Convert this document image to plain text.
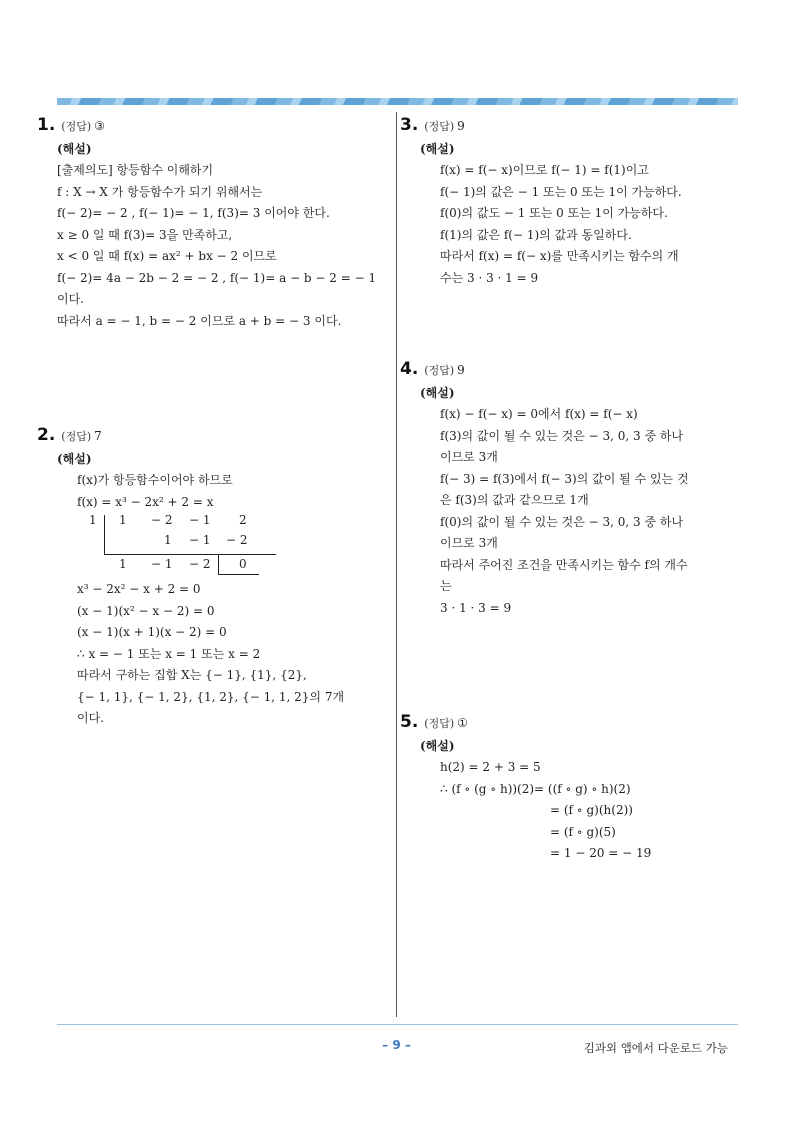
1. (정답) ③
(해설)
[출제의도] 항등함수 이해하기
f : X → X 가 항등함수가 되기 위해서는
f(− 2)= − 2 , f(− 1)= − 1, f(3)= 3 이어야 한다.
x ≥ 0 일 때 f(3)= 3을 만족하고,
x < 0 일 때 f(x) = ax² + bx − 2 이므로
f(− 2)= 4a − 2b − 2 = − 2 , f(− 1)= a − b − 2 = − 1
이다.
따라서 a = − 1, b = − 2 이므로 a + b = − 3 이다.
2. (정답) 7
(해설)
f(x)가 항등함수이어야 하므로
f(x) = x³ − 2x² + 2 = x
1 1 − 2 − 1 2
1 − 1 − 2
1 − 1 − 2 0
x³ − 2x² − x + 2 = 0
(x − 1)(x² − x − 2) = 0
(x − 1)(x + 1)(x − 2) = 0
∴ x = − 1 또는 x = 1 또는 x = 2
따라서 구하는 집합 X는 {− 1}, {1}, {2},
{− 1, 1}, {− 1, 2}, {1, 2}, {− 1, 1, 2}의 7개
이다.
3. (정답) 9
(해설)
f(x) = f(− x)이므로 f(− 1) = f(1)이고
f(− 1)의 값은 − 1 또는 0 또는 1이 가능하다.
f(0)의 값도 − 1 또는 0 또는 1이 가능하다.
f(1)의 값은 f(− 1)의 값과 동일하다.
따라서 f(x) = f(− x)를 만족시키는 함수의 개
수는 3 · 3 · 1 = 9
4. (정답) 9
(해설)
f(x) − f(− x) = 0에서 f(x) = f(− x)
f(3)의 값이 될 수 있는 것은 − 3, 0, 3 중 하나
이므로 3개
f(− 3) = f(3)에서 f(− 3)의 값이 될 수 있는 것
은 f(3)의 값과 같으므로 1개
f(0)의 값이 될 수 있는 것은 − 3, 0, 3 중 하나
이므로 3개
따라서 주어진 조건을 만족시키는 함수 f의 개수
는
3 · 1 · 3 = 9
5. (정답) ①
(해설)
h(2) = 2 + 3 = 5
∴ (f ∘ (g ∘ h))(2)= ((f ∘ g) ∘ h)(2)
= (f ∘ g)(h(2))
= (f ∘ g)(5)
= 1 − 20 = − 19
– 9 –	김과외 앱에서 다운로드 가능
